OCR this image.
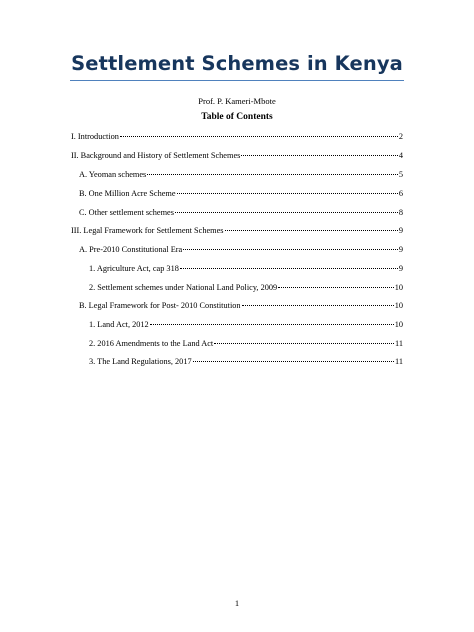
Settlement Schemes in Kenya
Prof. P. Kameri-Mbote
Table of Contents
I. Introduction	2
II. Background and History of Settlement Schemes	4
A. Yeoman schemes	5
B. One Million Acre Scheme	6
C. Other settlement schemes	8
III. Legal Framework for Settlement Schemes	9
A. Pre-2010 Constitutional Era	9
1. Agriculture Act, cap 318	9
2. Settlement schemes under National Land Policy, 2009	10
B. Legal Framework for Post- 2010 Constitution	10
1. Land Act, 2012	10
2. 2016 Amendments to the Land Act	11
3. The Land Regulations, 2017	11
1
